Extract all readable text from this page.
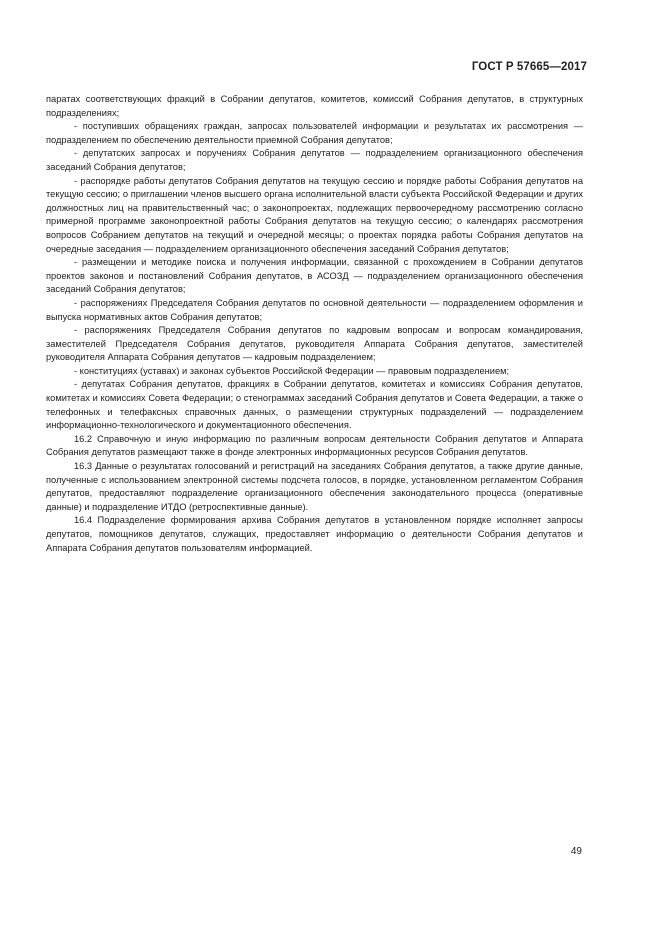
ГОСТ Р 57665—2017

паратах соответствующих фракций в Собрании депутатов, комитетов, комиссий Собрания депутатов, в структурных подразделениях;

- поступивших обращениях граждан, запросах пользователей информации и результатах их рассмотрения — подразделением по обеспечению деятельности приемной Собрания депутатов;

- депутатских запросах и поручениях Собрания депутатов — подразделением организационного обеспечения заседаний Собрания депутатов;

- распорядке работы депутатов Собрания депутатов на текущую сессию и порядке работы Собрания депутатов на текущую сессию; о приглашении членов высшего органа исполнительной власти субъекта Российской Федерации и других должностных лиц на правительственный час; о законопроектах, подлежащих первоочередному рассмотрению согласно примерной программе законопроектной работы Собрания депутатов на текущую сессию; о календарях рассмотрения вопросов Собранием депутатов на текущий и очередной месяцы; о проектах порядка работы Собрания депутатов на очередные заседания — подразделением организационного обеспечения заседаний Собрания депутатов;

- размещении и методике поиска и получения информации, связанной с прохождением в Собрании депутатов проектов законов и постановлений Собрания депутатов, в АСОЗД — подразделением организационного обеспечения заседаний Собрания депутатов;

- распоряжениях Председателя Собрания депутатов по основной деятельности — подразделением оформления и выпуска нормативных актов Собрания депутатов;

- распоряжениях Председателя Собрания депутатов по кадровым вопросам и вопросам командирования, заместителей Председателя Собрания депутатов, руководителя Аппарата Собрания депутатов, заместителей руководителя Аппарата Собрания депутатов — кадровым подразделением;

- конституциях (уставах) и законах субъектов Российской Федерации — правовым подразделением;

- депутатах Собрания депутатов, фракциях в Собрании депутатов, комитетах и комиссиях Собрания депутатов, комитетах и комиссиях Совета Федерации; о стенограммах заседаний Собрания депутатов и Совета Федерации, а также о телефонных и телефаксных справочных данных, о размещении структурных подразделений — подразделением информационно-технологического и документационного обеспечения.

16.2 Справочную и иную информацию по различным вопросам деятельности Собрания депутатов и Аппарата Собрания депутатов размещают также в фонде электронных информационных ресурсов Собрания депутатов.

16.3 Данные о результатах голосований и регистраций на заседаниях Собрания депутатов, а также другие данные, полученные с использованием электронной системы подсчета голосов, в порядке, установленном регламентом Собрания депутатов, предоставляют подразделение организационного обеспечения законодательного процесса (оперативные данные) и подразделение ИТДО (ретроспективные данные).

16.4 Подразделение формирования архива Собрания депутатов в установленном порядке исполняет запросы депутатов, помощников депутатов, служащих, предоставляет информацию о деятельности Собрания депутатов и Аппарата Собрания депутатов пользователям информацией.

49
